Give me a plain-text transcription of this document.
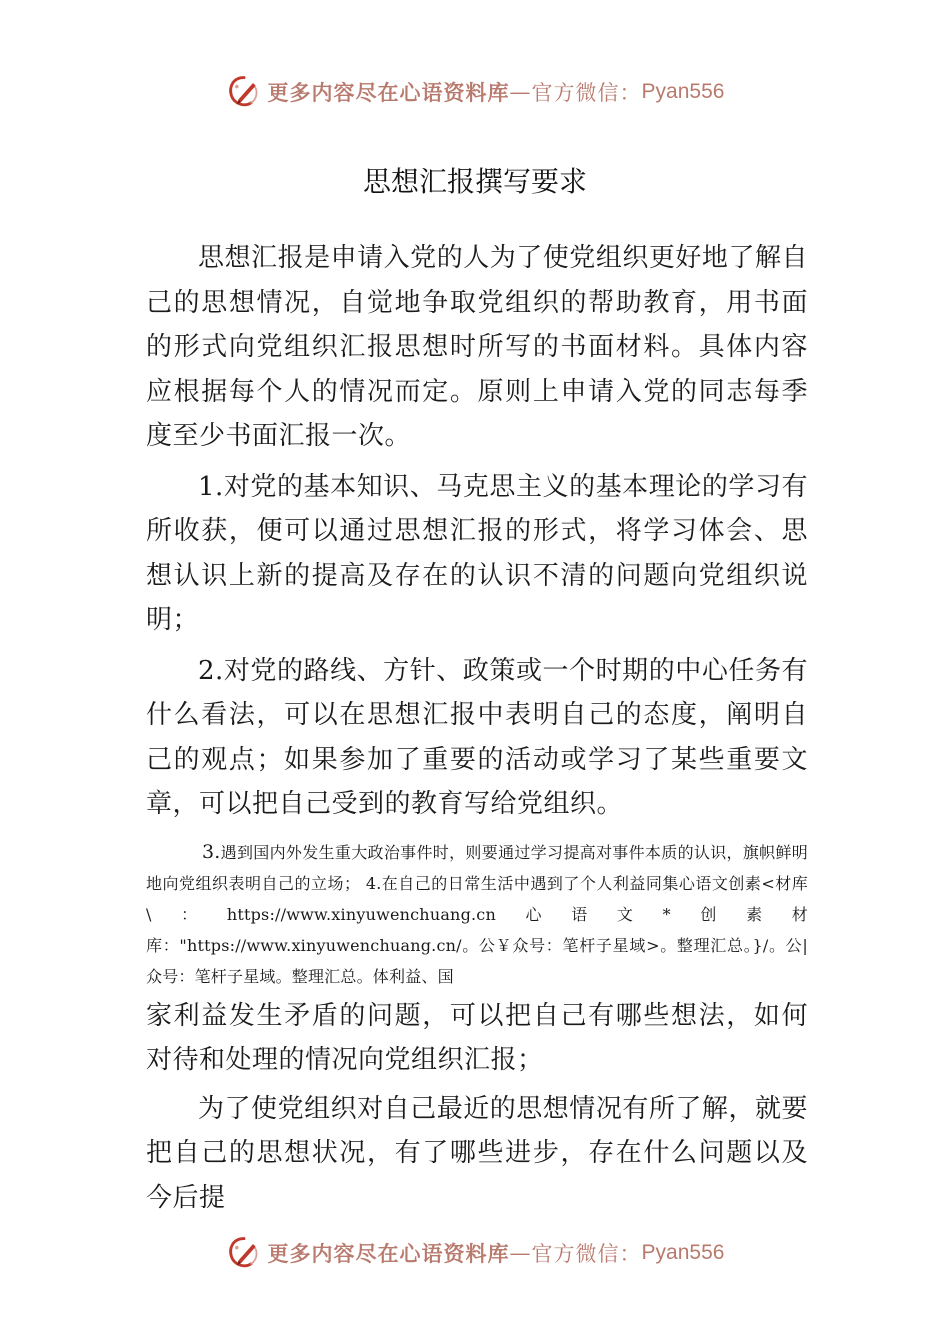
更多内容尽在心语资料库 — 官方微信： Pyan556
思想汇报撰写要求

思想汇报是申请入党的人为了使党组织更好地了解自己的思想情况，自觉地争取党组织的帮助教育，用书面的形式向党组织汇报思想时所写的书面材料。具体内容应根据每个人的情况而定。原则上申请入党的同志每季度至少书面汇报一次。

1.对党的基本知识、马克思主义的基本理论的学习有所收获，便可以通过思想汇报的形式，将学习体会、思想认识上新的提高及存在的认识不清的问题向党组织说明；

2.对党的路线、方针、政策或一个时期的中心任务有什么看法，可以在思想汇报中表明自己的态度，阐明自己的观点；如果参加了重要的活动或学习了某些重要文章，可以把自己受到的教育写给党组织。

3.遇到国内外发生重大政治事件时，则要通过学习提高对事件本质的认识，旗帜鲜明地向党组织表明自己的立场； 4.在自己的日常生活中遇到了个人利益同集心语文创素<材库\：https://www.xinyuwenchuang.cn心语文*创素材库："https://www.xinyuwenchuang.cn/。公￥众号：笔杆子星域>。整理汇总。}/。公|众号：笔杆子星域。整理汇总。体利益、国

家利益发生矛盾的问题，可以把自己有哪些想法，如何对待和处理的情况向党组织汇报；

为了使党组织对自己最近的思想情况有所了解，就要把自己的思想状况，有了哪些进步，存在什么问题以及今后提

更多内容尽在心语资料库 — 官方微信： Pyan556
